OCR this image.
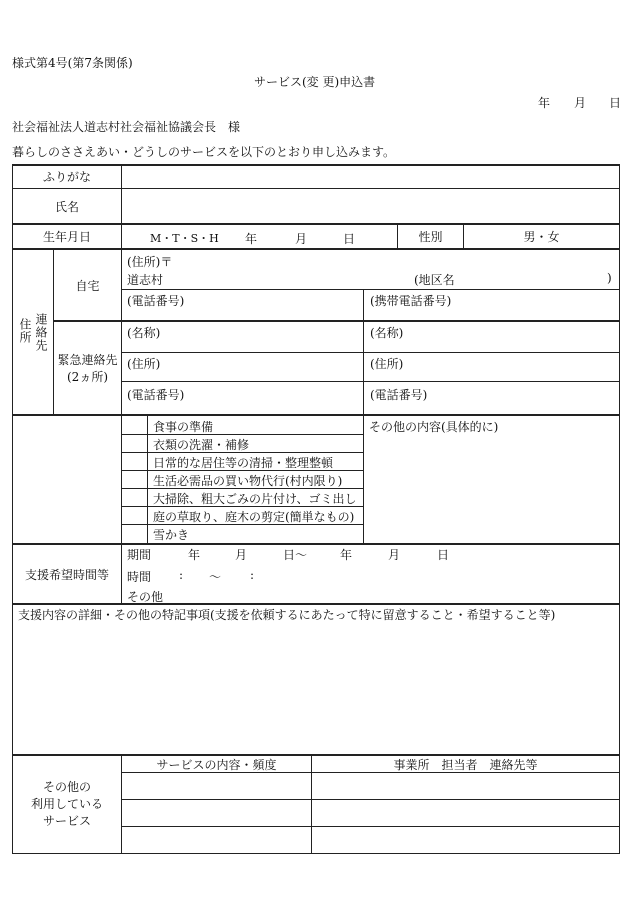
様式第4号(第7条関係)
サービス(変 更)申込書
年 月 日
社会福祉法人道志村社会福祉協議会長　様
暮らしのささえあい・どうしのサービスを以下のとおり申し込みます。
ふりがな
氏名
生年月日	M・T・S・H 年	月	日	性別	男・女
住所 連絡先
自宅
(住所)〒
道志村	(地区名	)
(電話番号)	(携帯電話番号)
緊急連絡先
(2ヵ所)
(名称)	(名称)
(住所)	(住所)
(電話番号)	(電話番号)
食事の準備
衣類の洗濯・補修
日常的な居住等の清掃・整理整頓
生活必需品の買い物代行(村内限り)
大掃除、粗大ごみの片付け、ゴミ出し
庭の草取り、庭木の剪定(簡単なもの)
雪かき
その他の内容(具体的に)
支援希望時間等
期間	年	月	日～	年	月	日
時間 : ～ :
その他
支援内容の詳細・その他の特記事項(支援を依頼するにあたって特に留意すること・希望すること等)
その他の
利用している
サービス
サービスの内容・頻度	事業所　担当者　連絡先等
